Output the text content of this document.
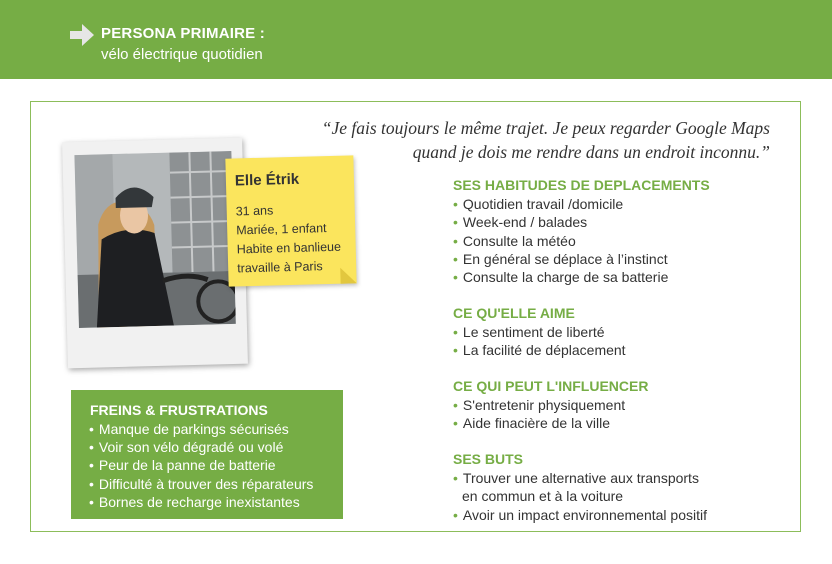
PERSONA PRIMAIRE :
vélo électrique quotidien
“Je fais toujours le même trajet. Je peux regarder Google Maps
quand je dois me rendre dans un endroit inconnu.”
Elle Étrik
31 ans
Mariée, 1 enfant
Habite en banlieue
travaille à Paris
FREINS & FRUSTRATIONS
• Manque de parkings sécurisés
• Voir son vélo dégradé ou volé
• Peur de la panne de batterie
• Difficulté à trouver des réparateurs
• Bornes de recharge inexistantes
SES HABITUDES DE DEPLACEMENTS
• Quotidien travail /domicile
• Week-end / balades
• Consulte la météo
• En général se déplace à l’instinct
• Consulte la charge de sa batterie
CE QU'ELLE AIME
• Le sentiment de liberté
• La facilité de déplacement
CE QUI PEUT L'INFLUENCER
• S'entretenir physiquement
• Aide finacière de la ville
SES BUTS
• Trouver une alternative aux transports
en commun et à la voiture
• Avoir un impact environnemental positif
